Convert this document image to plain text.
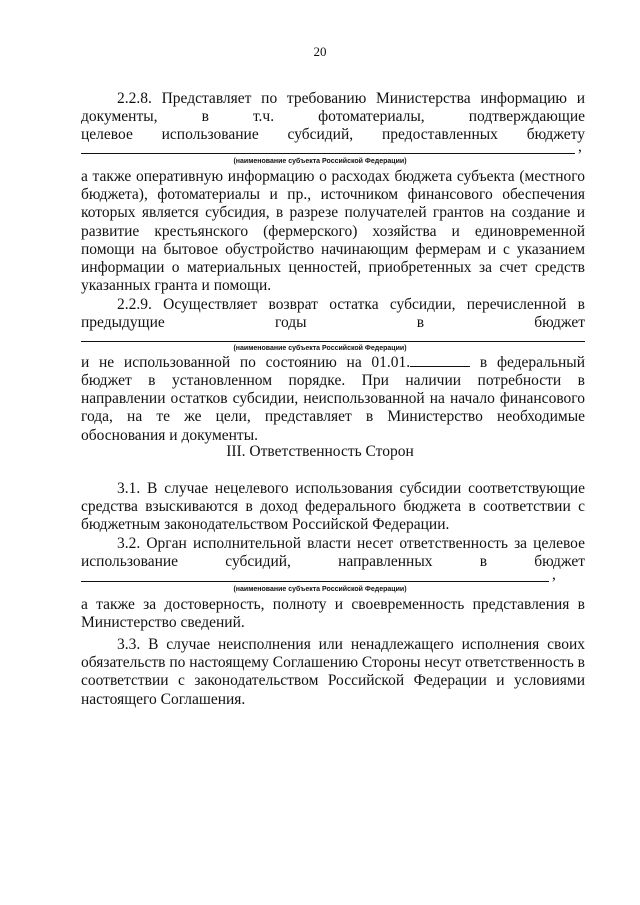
20
2.2.8. Представляет по требованию Министерства информацию и
документы, в т.ч. фотоматериалы, подтверждающие
целевое использование субсидий, предоставленных бюджету
,
(наименование субъекта Российской Федерации)
а также оперативную информацию о расходах бюджета субъекта (местного бюджета), фотоматериалы и пр., источником финансового обеспечения которых является субсидия, в разрезе получателей грантов на создание и развитие крестьянского (фермерского) хозяйства и единовременной помощи на бытовое обустройство начинающим фермерам и с указанием информации о материальных ценностей, приобретенных за счет средств указанных гранта и помощи.
2.2.9. Осуществляет возврат остатка субсидии, перечисленной в
предыдущие годы в бюджет
(наименование субъекта Российской Федерации)
и не использованной по состоянию на 01.01.	в федеральный
бюджет в установленном порядке. При наличии потребности в направлении остатков субсидии, неиспользованной на начало финансового года, на те же цели, представляет в Министерство необходимые обоснования и документы.
III. Ответственность Сторон
3.1. В случае нецелевого использования субсидии соответствующие средства взыскиваются в доход федерального бюджета в соответствии с бюджетным законодательством Российской Федерации.
3.2. Орган исполнительной власти несет ответственность за целевое
использование субсидий, направленных в бюджет
,
(наименование субъекта Российской Федерации)
а также за достоверность, полноту и своевременность представления в Министерство сведений.
3.3. В случае неисполнения или ненадлежащего исполнения своих обязательств по настоящему Соглашению Стороны несут ответственность в соответствии с законодательством Российской Федерации и условиями настоящего Соглашения.
